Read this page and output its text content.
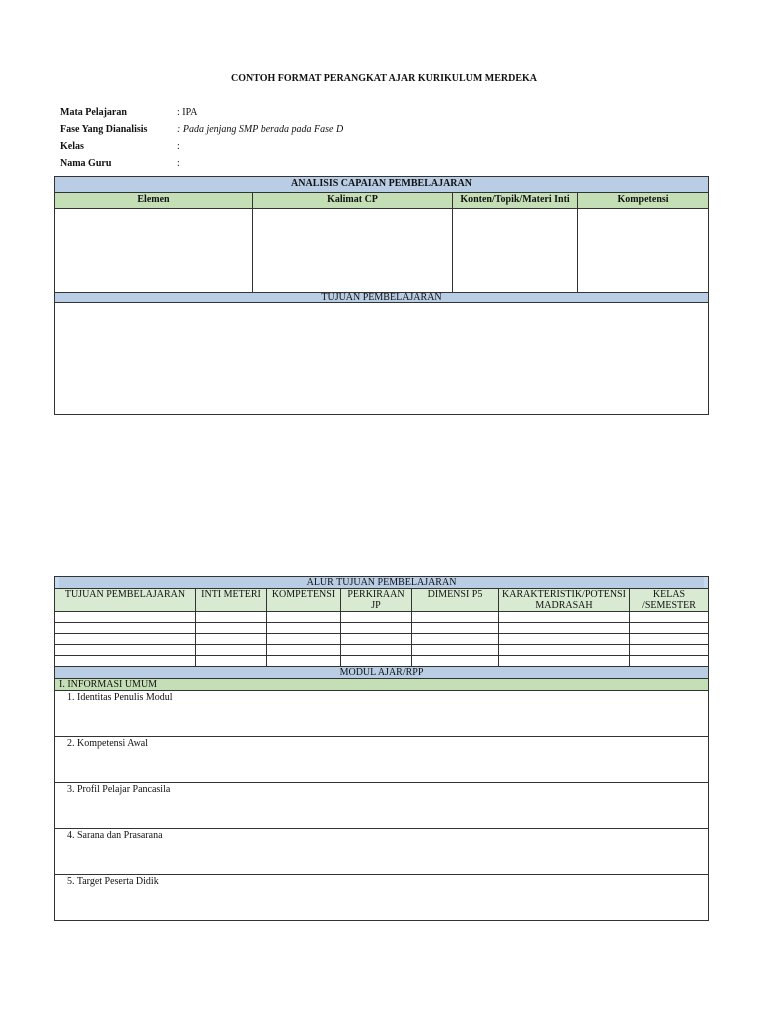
CONTOH FORMAT PERANGKAT AJAR KURIKULUM MERDEKA
Mata Pelajaran	: IPA
Fase Yang Dianalisis	: Pada jenjang SMP berada pada Fase D
Kelas	:
Nama Guru	:
ANALISIS CAPAIAN PEMBELAJARAN			
Elemen	Kalimat CP	Konten/Topik/Materi Inti	Kompetensi

TUJUAN PEMBELAJARAN			

ALUR TUJUAN PEMBELAJARAN						

TUJUAN PEMBELAJARAN	INTI METERI	KOMPETENSI	PERKIRAAN JP	DIMENSI P5	KARAKTERISTIK/POTENSI MADRASAH	KELAS /SEMESTER

MODUL AJAR/RPP						
I. INFORMASI UMUM						
1. Identitas Penulis Modul						
2. Kompetensi Awal						
3. Profil Pelajar Pancasila						
4. Sarana dan Prasarana						
5. Target Peserta Didik						
